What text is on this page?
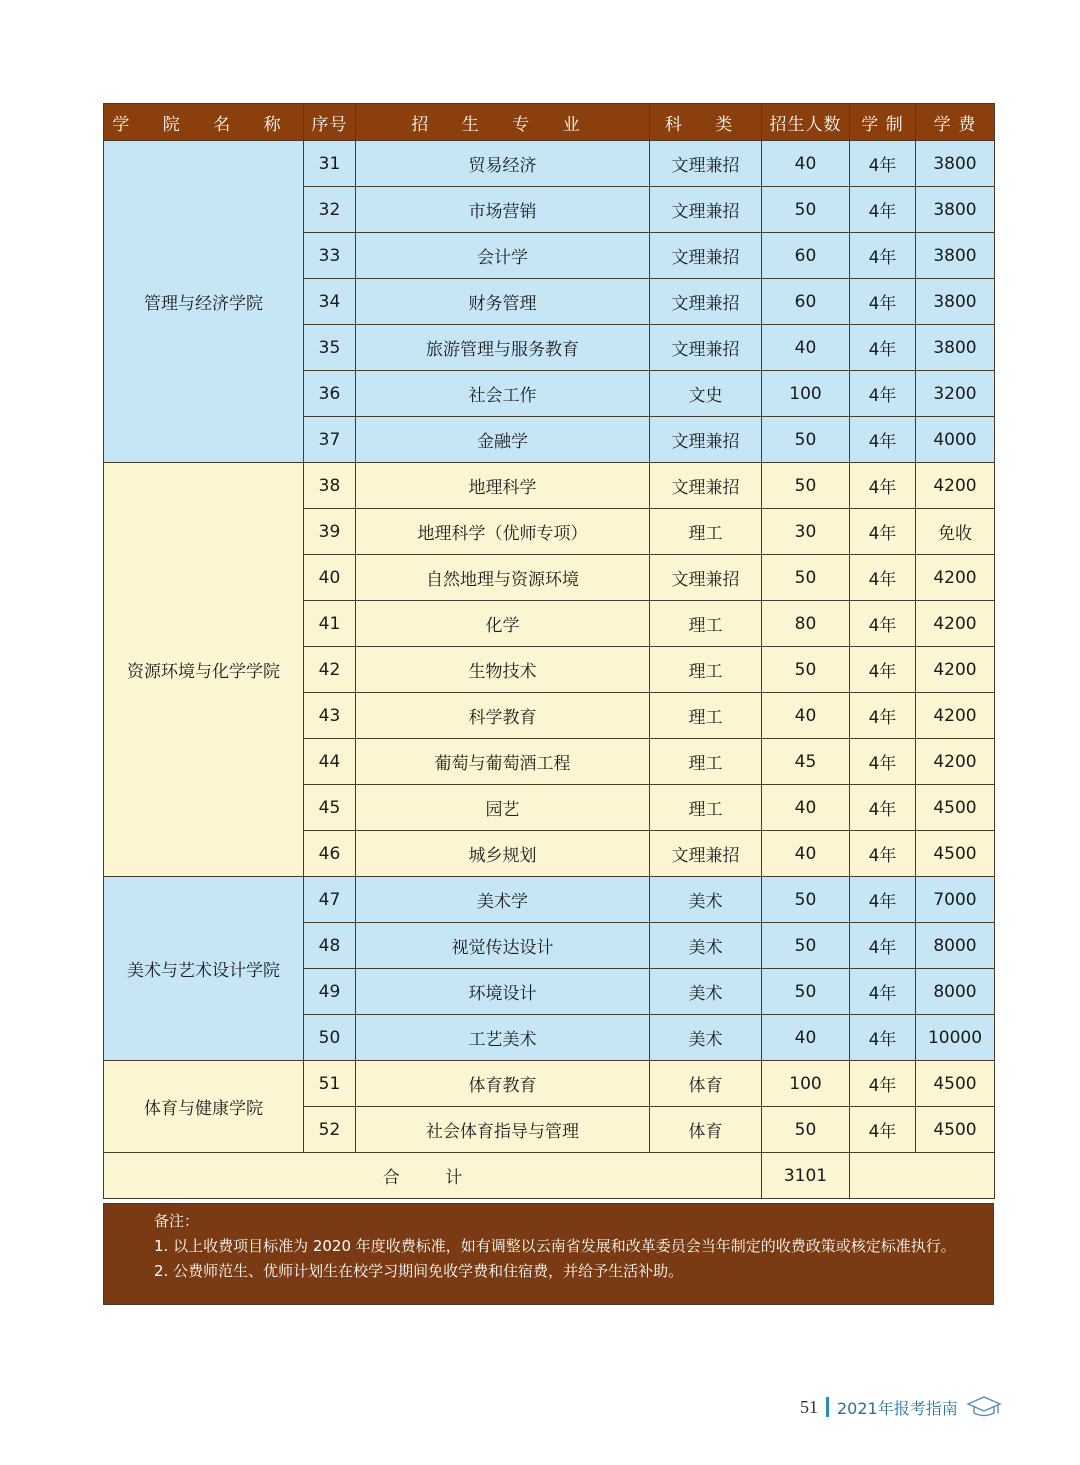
学 院 名 称	序号	招 生 专 业	科 类	招生人数	学 制	学 费
管理与经济学院	31	贸易经济	文理兼招	40	4年	3800
	32	市场营销	文理兼招	50	4年	3800
	33	会计学	文理兼招	60	4年	3800
	34	财务管理	文理兼招	60	4年	3800
	35	旅游管理与服务教育	文理兼招	40	4年	3800
	36	社会工作	文史	100	4年	3200
	37	金融学	文理兼招	50	4年	4000
资源环境与化学学院	38	地理科学	文理兼招	50	4年	4200
	39	地理科学（优师专项）	理工	30	4年	免收
	40	自然地理与资源环境	文理兼招	50	4年	4200
	41	化学	理工	80	4年	4200
	42	生物技术	理工	50	4年	4200
	43	科学教育	理工	40	4年	4200
	44	葡萄与葡萄酒工程	理工	45	4年	4200
	45	园艺	理工	40	4年	4500
	46	城乡规划	文理兼招	40	4年	4500
美术与艺术设计学院	47	美术学	美术	50	4年	7000
	48	视觉传达设计	美术	50	4年	8000
	49	环境设计	美术	50	4年	8000
	50	工艺美术	美术	40	4年	10000
体育与健康学院	51	体育教育	体育	100	4年	4500
	52	社会体育指导与管理	体育	50	4年	4500
合 计				3101		
备注：
1. 以上收费项目标准为 2020 年度收费标准，如有调整以云南省发展和改革委员会当年制定的收费政策或核定标准执行。
2. 公费师范生、优师计划生在校学习期间免收学费和住宿费，并给予生活补助。
51 2021年报考指南
